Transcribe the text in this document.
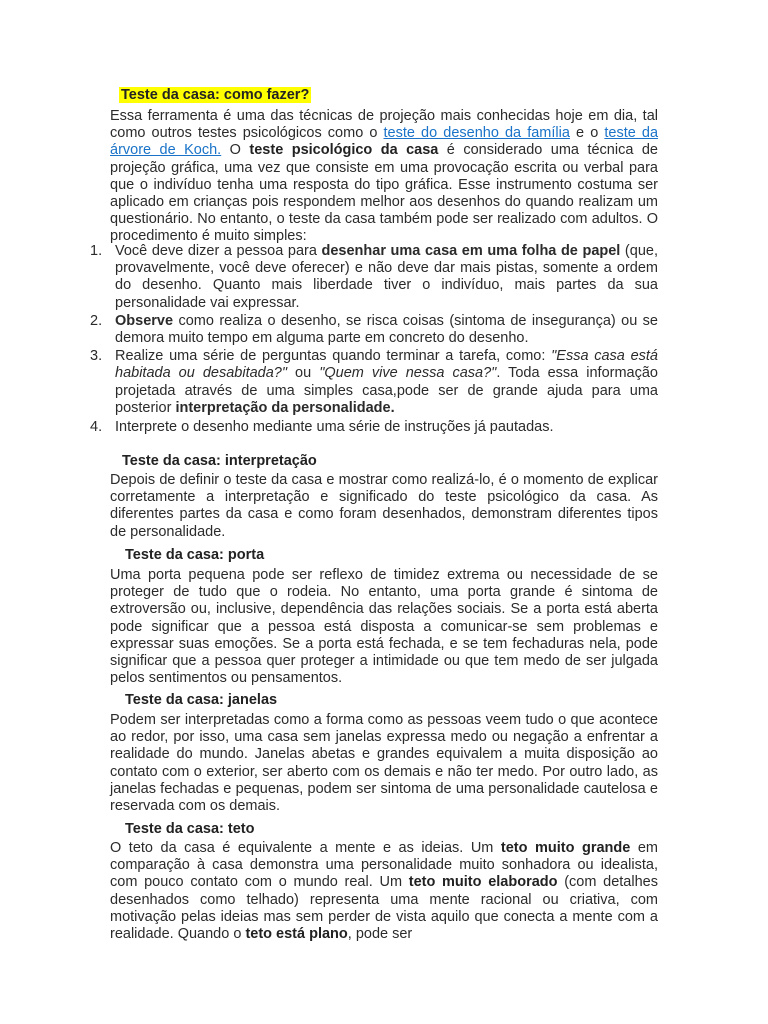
Teste da casa: como fazer?
Essa ferramenta é uma das técnicas de projeção mais conhecidas hoje em dia, tal como outros testes psicológicos como o teste do desenho da família e o teste da árvore de Koch. O teste psicológico da casa é considerado uma técnica de projeção gráfica, uma vez que consiste em uma provocação escrita ou verbal para que o indivíduo tenha uma resposta do tipo gráfica. Esse instrumento costuma ser aplicado em crianças pois respondem melhor aos desenhos do quando realizam um questionário. No entanto, o teste da casa também pode ser realizado com adultos. O procedimento é muito simples:
1. Você deve dizer a pessoa para desenhar uma casa em uma folha de papel (que, provavelmente, você deve oferecer) e não deve dar mais pistas, somente a ordem do desenho. Quanto mais liberdade tiver o indivíduo, mais partes da sua personalidade vai expressar.
2. Observe como realiza o desenho, se risca coisas (sintoma de insegurança) ou se demora muito tempo em alguma parte em concreto do desenho.
3. Realize uma série de perguntas quando terminar a tarefa, como: "Essa casa está habitada ou desabitada?" ou "Quem vive nessa casa?". Toda essa informação projetada através de uma simples casa,pode ser de grande ajuda para uma posterior interpretação da personalidade.
4. Interprete o desenho mediante uma série de instruções já pautadas.
Teste da casa: interpretação
Depois de definir o teste da casa e mostrar como realizá-lo, é o momento de explicar corretamente a interpretação e significado do teste psicológico da casa. As diferentes partes da casa e como foram desenhados, demonstram diferentes tipos de personalidade.
Teste da casa: porta
Uma porta pequena pode ser reflexo de timidez extrema ou necessidade de se proteger de tudo que o rodeia. No entanto, uma porta grande é sintoma de extroversão ou, inclusive, dependência das relações sociais. Se a porta está aberta pode significar que a pessoa está disposta a comunicar-se sem problemas e expressar suas emoções. Se a porta está fechada, e se tem fechaduras nela, pode significar que a pessoa quer proteger a intimidade ou que tem medo de ser julgada pelos sentimentos ou pensamentos.
Teste da casa: janelas
Podem ser interpretadas como a forma como as pessoas veem tudo o que acontece ao redor, por isso, uma casa sem janelas expressa medo ou negação a enfrentar a realidade do mundo. Janelas abetas e grandes equivalem a muita disposição ao contato com o exterior, ser aberto com os demais e não ter medo. Por outro lado, as janelas fechadas e pequenas, podem ser sintoma de uma personalidade cautelosa e reservada com os demais.
Teste da casa: teto
O teto da casa é equivalente a mente e as ideias. Um teto muito grande em comparação à casa demonstra uma personalidade muito sonhadora ou idealista, com pouco contato com o mundo real. Um teto muito elaborado (com detalhes desenhados como telhado) representa uma mente racional ou criativa, com motivação pelas ideias mas sem perder de vista aquilo que conecta a mente com a realidade. Quando o teto está plano, pode ser
